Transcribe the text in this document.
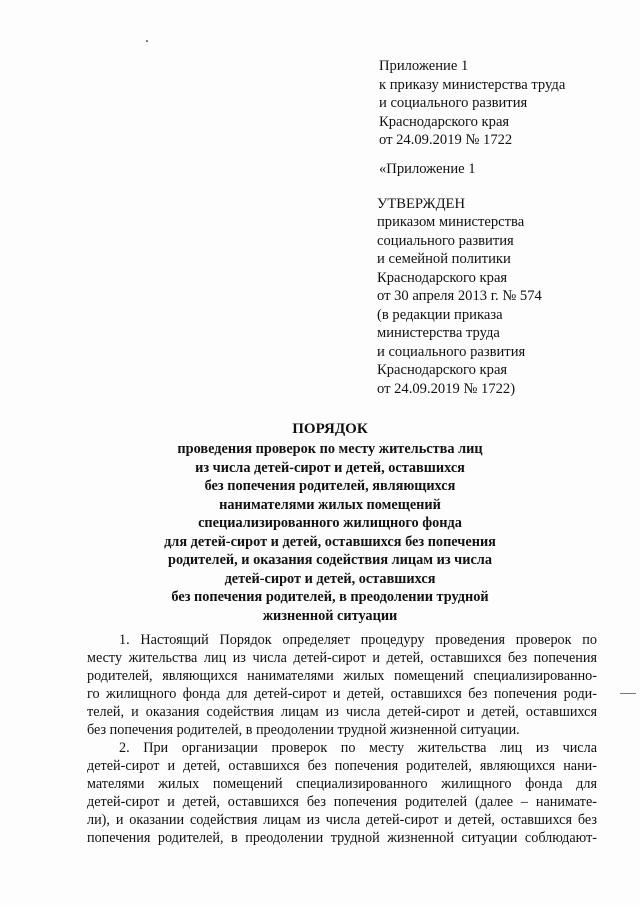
Приложение 1
к приказу министерства труда
и социального развития
Краснодарского края
от 24.09.2019 № 1722
«Приложение 1
УТВЕРЖДЕН
приказом министерства
социального развития
и семейной политики
Краснодарского края
от 30 апреля 2013 г. № 574
(в редакции приказа
министерства труда
и социального развития
Краснодарского края
от 24.09.2019 № 1722)
ПОРЯДОК
проведения проверок по месту жительства лиц
из числа детей-сирот и детей, оставшихся
без попечения родителей, являющихся
нанимателями жилых помещений
специализированного жилищного фонда
для детей-сирот и детей, оставшихся без попечения
родителей, и оказания содействия лицам из числа
детей-сирот и детей, оставшихся
без попечения родителей, в преодолении трудной
жизненной ситуации
1. Настоящий Порядок определяет процедуру проведения проверок по
месту жительства лиц из числа детей-сирот и детей, оставшихся без попечения
родителей, являющихся нанимателями жилых помещений специализированно-
го жилищного фонда для детей-сирот и детей, оставшихся без попечения роди-
телей, и оказания содействия лицам из числа детей-сирот и детей, оставшихся
без попечения родителей, в преодолении трудной жизненной ситуации.
2. При организации проверок по месту жительства лиц из числа
детей-сирот и детей, оставшихся без попечения родителей, являющихся нани-
мателями жилых помещений специализированного жилищного фонда для
детей-сирот и детей, оставшихся без попечения родителей (далее – нанимате-
ли), и оказании содействия лицам из числа детей-сирот и детей, оставшихся без
попечения родителей, в преодолении трудной жизненной ситуации соблюдают-
